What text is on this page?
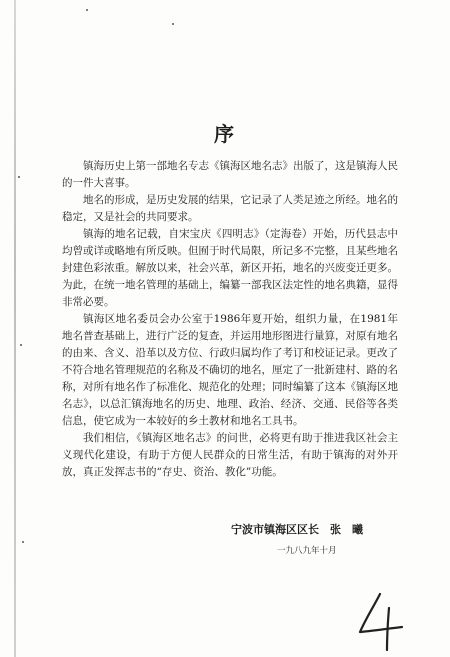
序

镇海历史上第一部地名专志《镇海区地名志》出版了，这是镇海人民的一件大喜事。

地名的形成，是历史发展的结果，它记录了人类足迹之所经。地名的稳定，又是社会的共同要求。

镇海的地名记载，自宋宝庆《四明志》（定海卷）开始，历代县志中均曾或详或略地有所反映。但囿于时代局限，所记多不完整，且某些地名封建色彩浓重。解放以来，社会兴革，新区开拓，地名的兴废变迁更多。为此，在统一地名管理的基础上，编纂一部我区法定性的地名典籍，显得非常必要。

镇海区地名委员会办公室于1986年夏开始，组织力量，在1981年地名普查基础上，进行广泛的复查，并运用地形图进行量算，对原有地名的由来、含义、沿革以及方位、行政归属均作了考订和校证记录。更改了不符合地名管理规范的名称及不确切的地名，厘定了一批新建村、路的名称，对所有地名作了标准化、规范化的处理；同时编纂了这本《镇海区地名志》，以总汇镇海地名的历史、地理、政治、经济、交通、民俗等各类信息，使它成为一本较好的乡土教材和地名工具书。

我们相信，《镇海区地名志》的问世，必将更有助于推进我区社会主义现代化建设，有助于方便人民群众的日常生活，有助于镇海的对外开放，真正发挥志书的“存史、资治、教化”功能。

宁波市镇海区区长　张　曦
一九八九年十月
